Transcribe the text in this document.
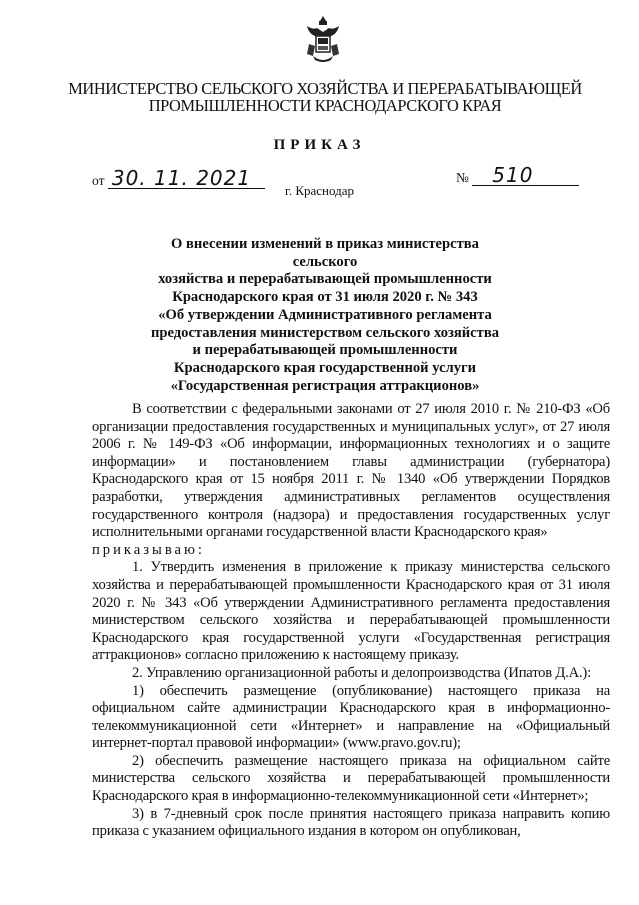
МИНИСТЕРСТВО СЕЛЬСКОГО ХОЗЯЙСТВА И ПЕРЕРАБАТЫВАЮЩЕЙ
ПРОМЫШЛЕННОСТИ КРАСНОДАРСКОГО КРАЯ
ПРИКАЗ
от 30. 11. 2021	№ 510
г. Краснодар
О внесении изменений в приказ министерства сельского
хозяйства и перерабатывающей промышленности
Краснодарского края от 31 июля 2020 г. № 343
«Об утверждении Административного регламента
предоставления министерством сельского хозяйства
и перерабатывающей промышленности
Краснодарского края государственной услуги
«Государственная регистрация аттракционов»

В соответствии с федеральными законами от 27 июля 2010 г. № 210-ФЗ «Об организации предоставления государственных и муниципальных услуг», от 27 июля 2006 г. № 149-ФЗ «Об информации, информационных технологиях и о защите информации» и постановлением главы администрации (губернатора) Краснодарского края от 15 ноября 2011 г. № 1340 «Об утверждении Порядков разработки, утверждения административных регламентов осуществления государственного контроля (надзора) и предоставления государственных услуг исполнительными органами государственной власти Краснодарского края»

приказываю:

1. Утвердить изменения в приложение к приказу министерства сельского хозяйства и перерабатывающей промышленности Краснодарского края от 31 июля 2020 г. № 343 «Об утверждении Административного регламента предоставления министерством сельского хозяйства и перерабатывающей промышленности Краснодарского края государственной услуги «Государственная регистрация аттракционов» согласно приложению к настоящему приказу.

2. Управлению организационной работы и делопроизводства (Ипатов Д.А.):

1) обеспечить размещение (опубликование) настоящего приказа на официальном сайте администрации Краснодарского края в информационно-телекоммуникационной сети «Интернет» и направление на «Официальный интернет-портал правовой информации» (www.pravo.gov.ru);

2) обеспечить размещение настоящего приказа на официальном сайте министерства сельского хозяйства и перерабатывающей промышленности Краснодарского края в информационно-телекоммуникационной сети «Интернет»;

3) в 7-дневный срок после принятия настоящего приказа направить копию приказа с указанием официального издания в котором он опубликован,
